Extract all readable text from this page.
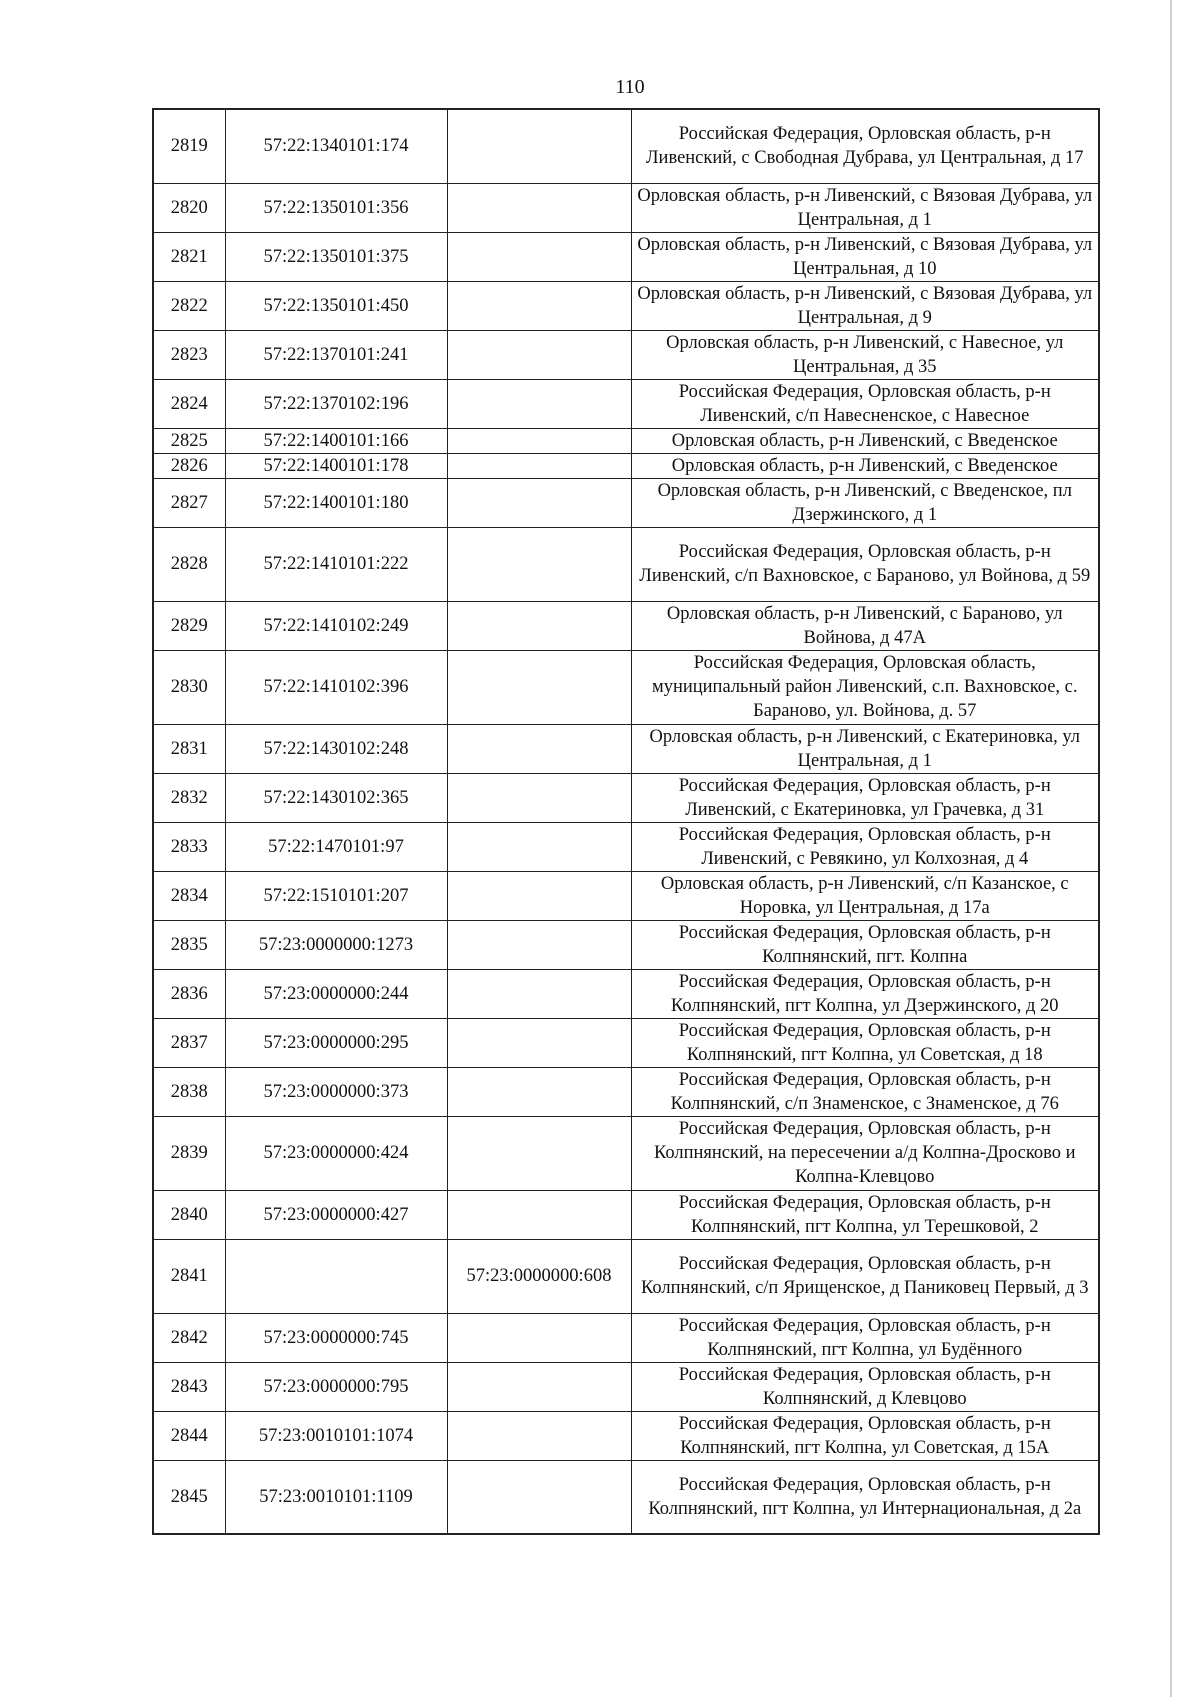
110
2819	57:22:1340101:174		Российская Федерация, Орловская область, р-н Ливенский, с Свободная Дубрава, ул Центральная, д 17
2820	57:22:1350101:356		Орловская область, р-н Ливенский, с Вязовая Дубрава, ул Центральная, д 1
2821	57:22:1350101:375		Орловская область, р-н Ливенский, с Вязовая Дубрава, ул Центральная, д 10
2822	57:22:1350101:450		Орловская область, р-н Ливенский, с Вязовая Дубрава, ул Центральная, д 9
2823	57:22:1370101:241		Орловская область, р-н Ливенский, с Навесное, ул Центральная, д 35
2824	57:22:1370102:196		Российская Федерация, Орловская область, р-н Ливенский, с/п Навесненское, с Навесное
2825	57:22:1400101:166		Орловская область, р-н Ливенский, с Введенское
2826	57:22:1400101:178		Орловская область, р-н Ливенский, с Введенское
2827	57:22:1400101:180		Орловская область, р-н Ливенский, с Введенское, пл Дзержинского, д 1
2828	57:22:1410101:222		Российская Федерация, Орловская область, р-н Ливенский, с/п Вахновское, с Бараново, ул Войнова, д 59
2829	57:22:1410102:249		Орловская область, р-н Ливенский, с Бараново, ул Войнова, д 47А
2830	57:22:1410102:396		Российская Федерация, Орловская область, муниципальный район Ливенский, с.п. Вахновское, с. Бараново, ул. Войнова, д. 57
2831	57:22:1430102:248		Орловская область, р-н Ливенский, с Екатериновка, ул Центральная, д 1
2832	57:22:1430102:365		Российская Федерация, Орловская область, р-н Ливенский, с Екатериновка, ул Грачевка, д 31
2833	57:22:1470101:97		Российская Федерация, Орловская область, р-н Ливенский, с Ревякино, ул Колхозная, д 4
2834	57:22:1510101:207		Орловская область, р-н Ливенский, с/п Казанское, с Норовка, ул Центральная, д 17а
2835	57:23:0000000:1273		Российская Федерация, Орловская область, р-н Колпнянский, пгт. Колпна
2836	57:23:0000000:244		Российская Федерация, Орловская область, р-н Колпнянский, пгт Колпна, ул Дзержинского, д 20
2837	57:23:0000000:295		Российская Федерация, Орловская область, р-н Колпнянский, пгт Колпна, ул Советская, д 18
2838	57:23:0000000:373		Российская Федерация, Орловская область, р-н Колпнянский, с/п Знаменское, с Знаменское, д 76
2839	57:23:0000000:424		Российская Федерация, Орловская область, р-н Колпнянский, на пересечении а/д Колпна-Дросково и Колпна-Клевцово
2840	57:23:0000000:427		Российская Федерация, Орловская область, р-н Колпнянский, пгт Колпна, ул Терешковой, 2
2841		57:23:0000000:608	Российская Федерация, Орловская область, р-н Колпнянский, с/п Ярищенское, д Паниковец Первый, д 3
2842	57:23:0000000:745		Российская Федерация, Орловская область, р-н Колпнянский, пгт Колпна, ул Будённого
2843	57:23:0000000:795		Российская Федерация, Орловская область, р-н Колпнянский, д Клевцово
2844	57:23:0010101:1074		Российская Федерация, Орловская область, р-н Колпнянский, пгт Колпна, ул Советская, д 15А
2845	57:23:0010101:1109		Российская Федерация, Орловская область, р-н Колпнянский, пгт Колпна, ул Интернациональная, д 2а
